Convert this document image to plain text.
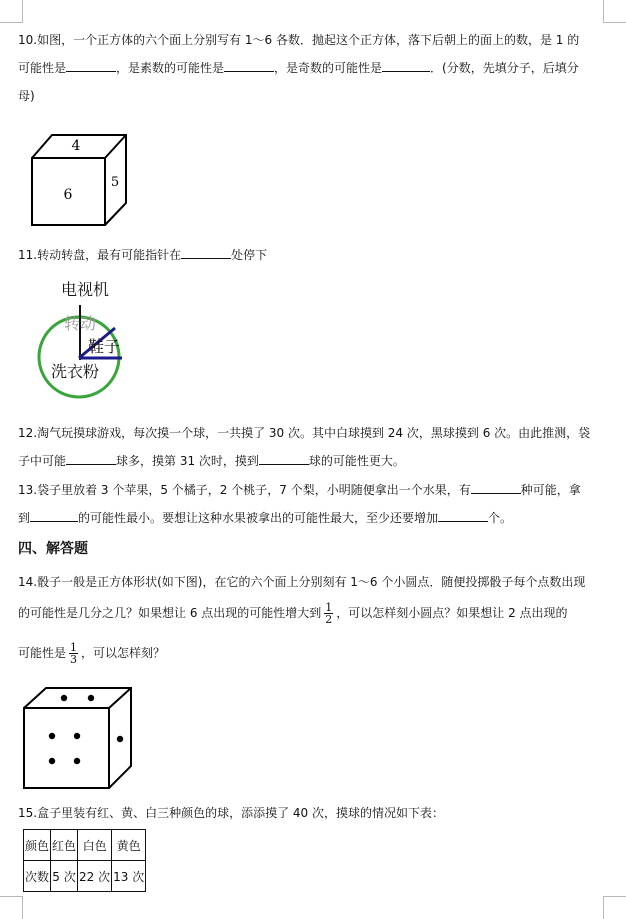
10.如图，一个正方体的六个面上分别写有 1～6 各数．抛起这个正方体，落下后朝上的面上的数，是 1 的
可能性是	，是素数的可能性是	，是奇数的可能性是	．(分数，先填分子，后填分
母)
4
6
5
11.转动转盘，最有可能指针在	处停下
转动
电视机
鞋子
洗衣粉
12.淘气玩摸球游戏，每次摸一个球，一共摸了 30 次。其中白球摸到 24 次，黑球摸到 6 次。由此推测，袋
子中可能	球多，摸第 31 次时，摸到	球的可能性更大。
13.袋子里放着 3 个苹果，5 个橘子，2 个桃子，7 个梨，小明随便拿出一个水果，有	种可能，拿
到	的可能性最小。要想让这种水果被拿出的可能性最大，至少还要增加	个。
四、解答题
14.骰子一般是正方体形状(如下图)，在它的六个面上分别刻有 1～6 个小圆点．随便投掷骰子每个点数出现
的可能性是几分之几？如果想让 6 点出现的可能性增大到 $\frac{1}{2}$ ，可以怎样刻小圆点？如果想让 2 点出现的
可能性是 $\frac{1}{3}$ ，可以怎样刻？
15.盒子里装有红、黄、白三种颜色的球，添添摸了 40 次，摸球的情况如下表：
颜色	红色	白色	黄色
次数	5 次	22 次	13 次
